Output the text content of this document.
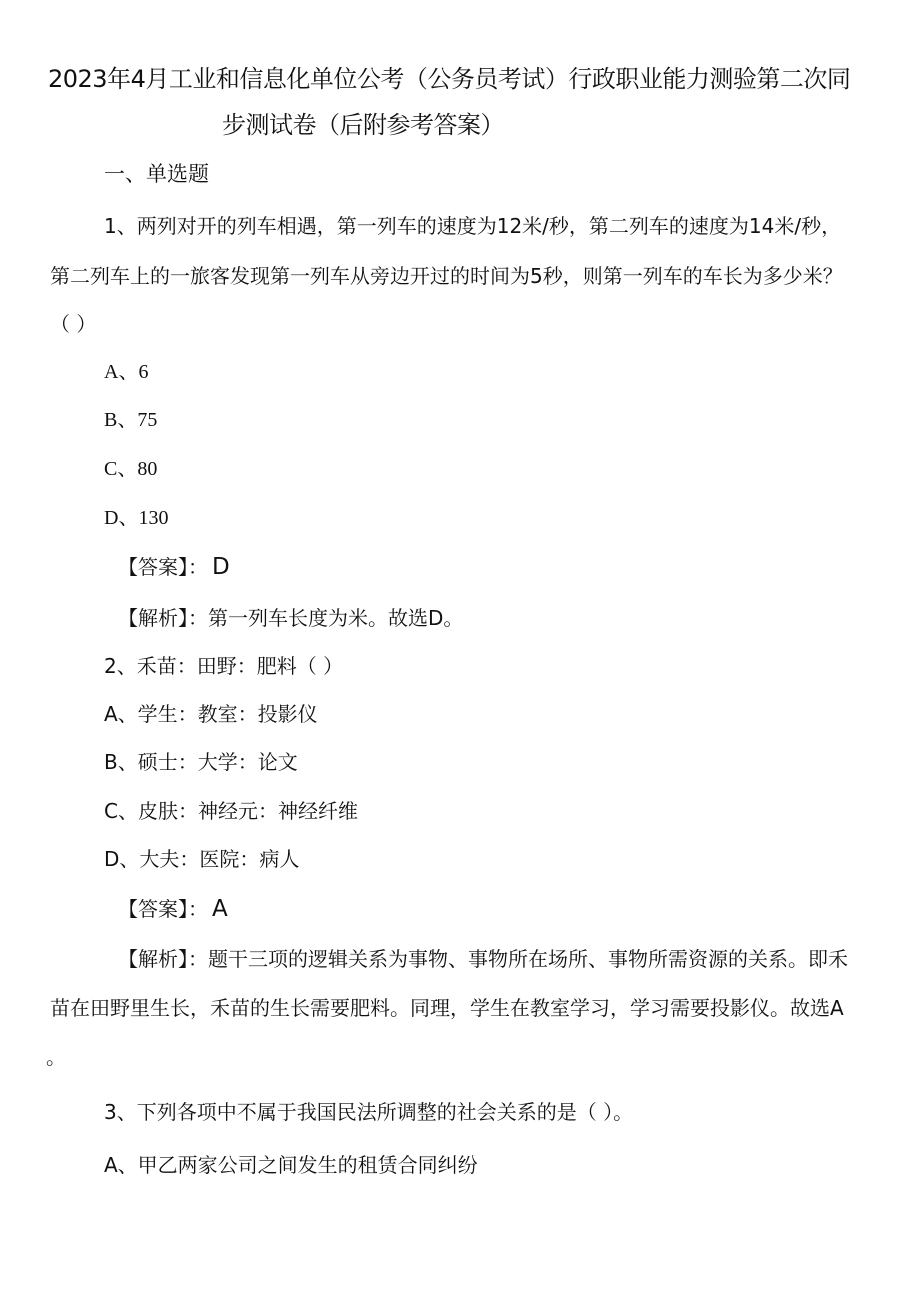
2023年4月工业和信息化单位公考（公务员考试）行政职业能力测验第二次同
步测试卷（后附参考答案）
一、单选题
1、两列对开的列车相遇，第一列车的速度为12米/秒，第二列车的速度为14米/秒，
第二列车上的一旅客发现第一列车从旁边开过的时间为5秒，则第一列车的车长为多少米？
（ ）
A、6
B、75
C、80
D、130
【答案】： D
【解析】：第一列车长度为米。故选D。
2、禾苗：田野：肥料（ ）
A、学生：教室：投影仪
B、硕士：大学：论文
C、皮肤：神经元：神经纤维
D、大夫：医院：病人
【答案】： A
【解析】：题干三项的逻辑关系为事物、事物所在场所、事物所需资源的关系。即禾
苗在田野里生长，禾苗的生长需要肥料。同理，学生在教室学习，学习需要投影仪。故选A
。
3、下列各项中不属于我国民法所调整的社会关系的是（ ）。
A、甲乙两家公司之间发生的租赁合同纠纷
